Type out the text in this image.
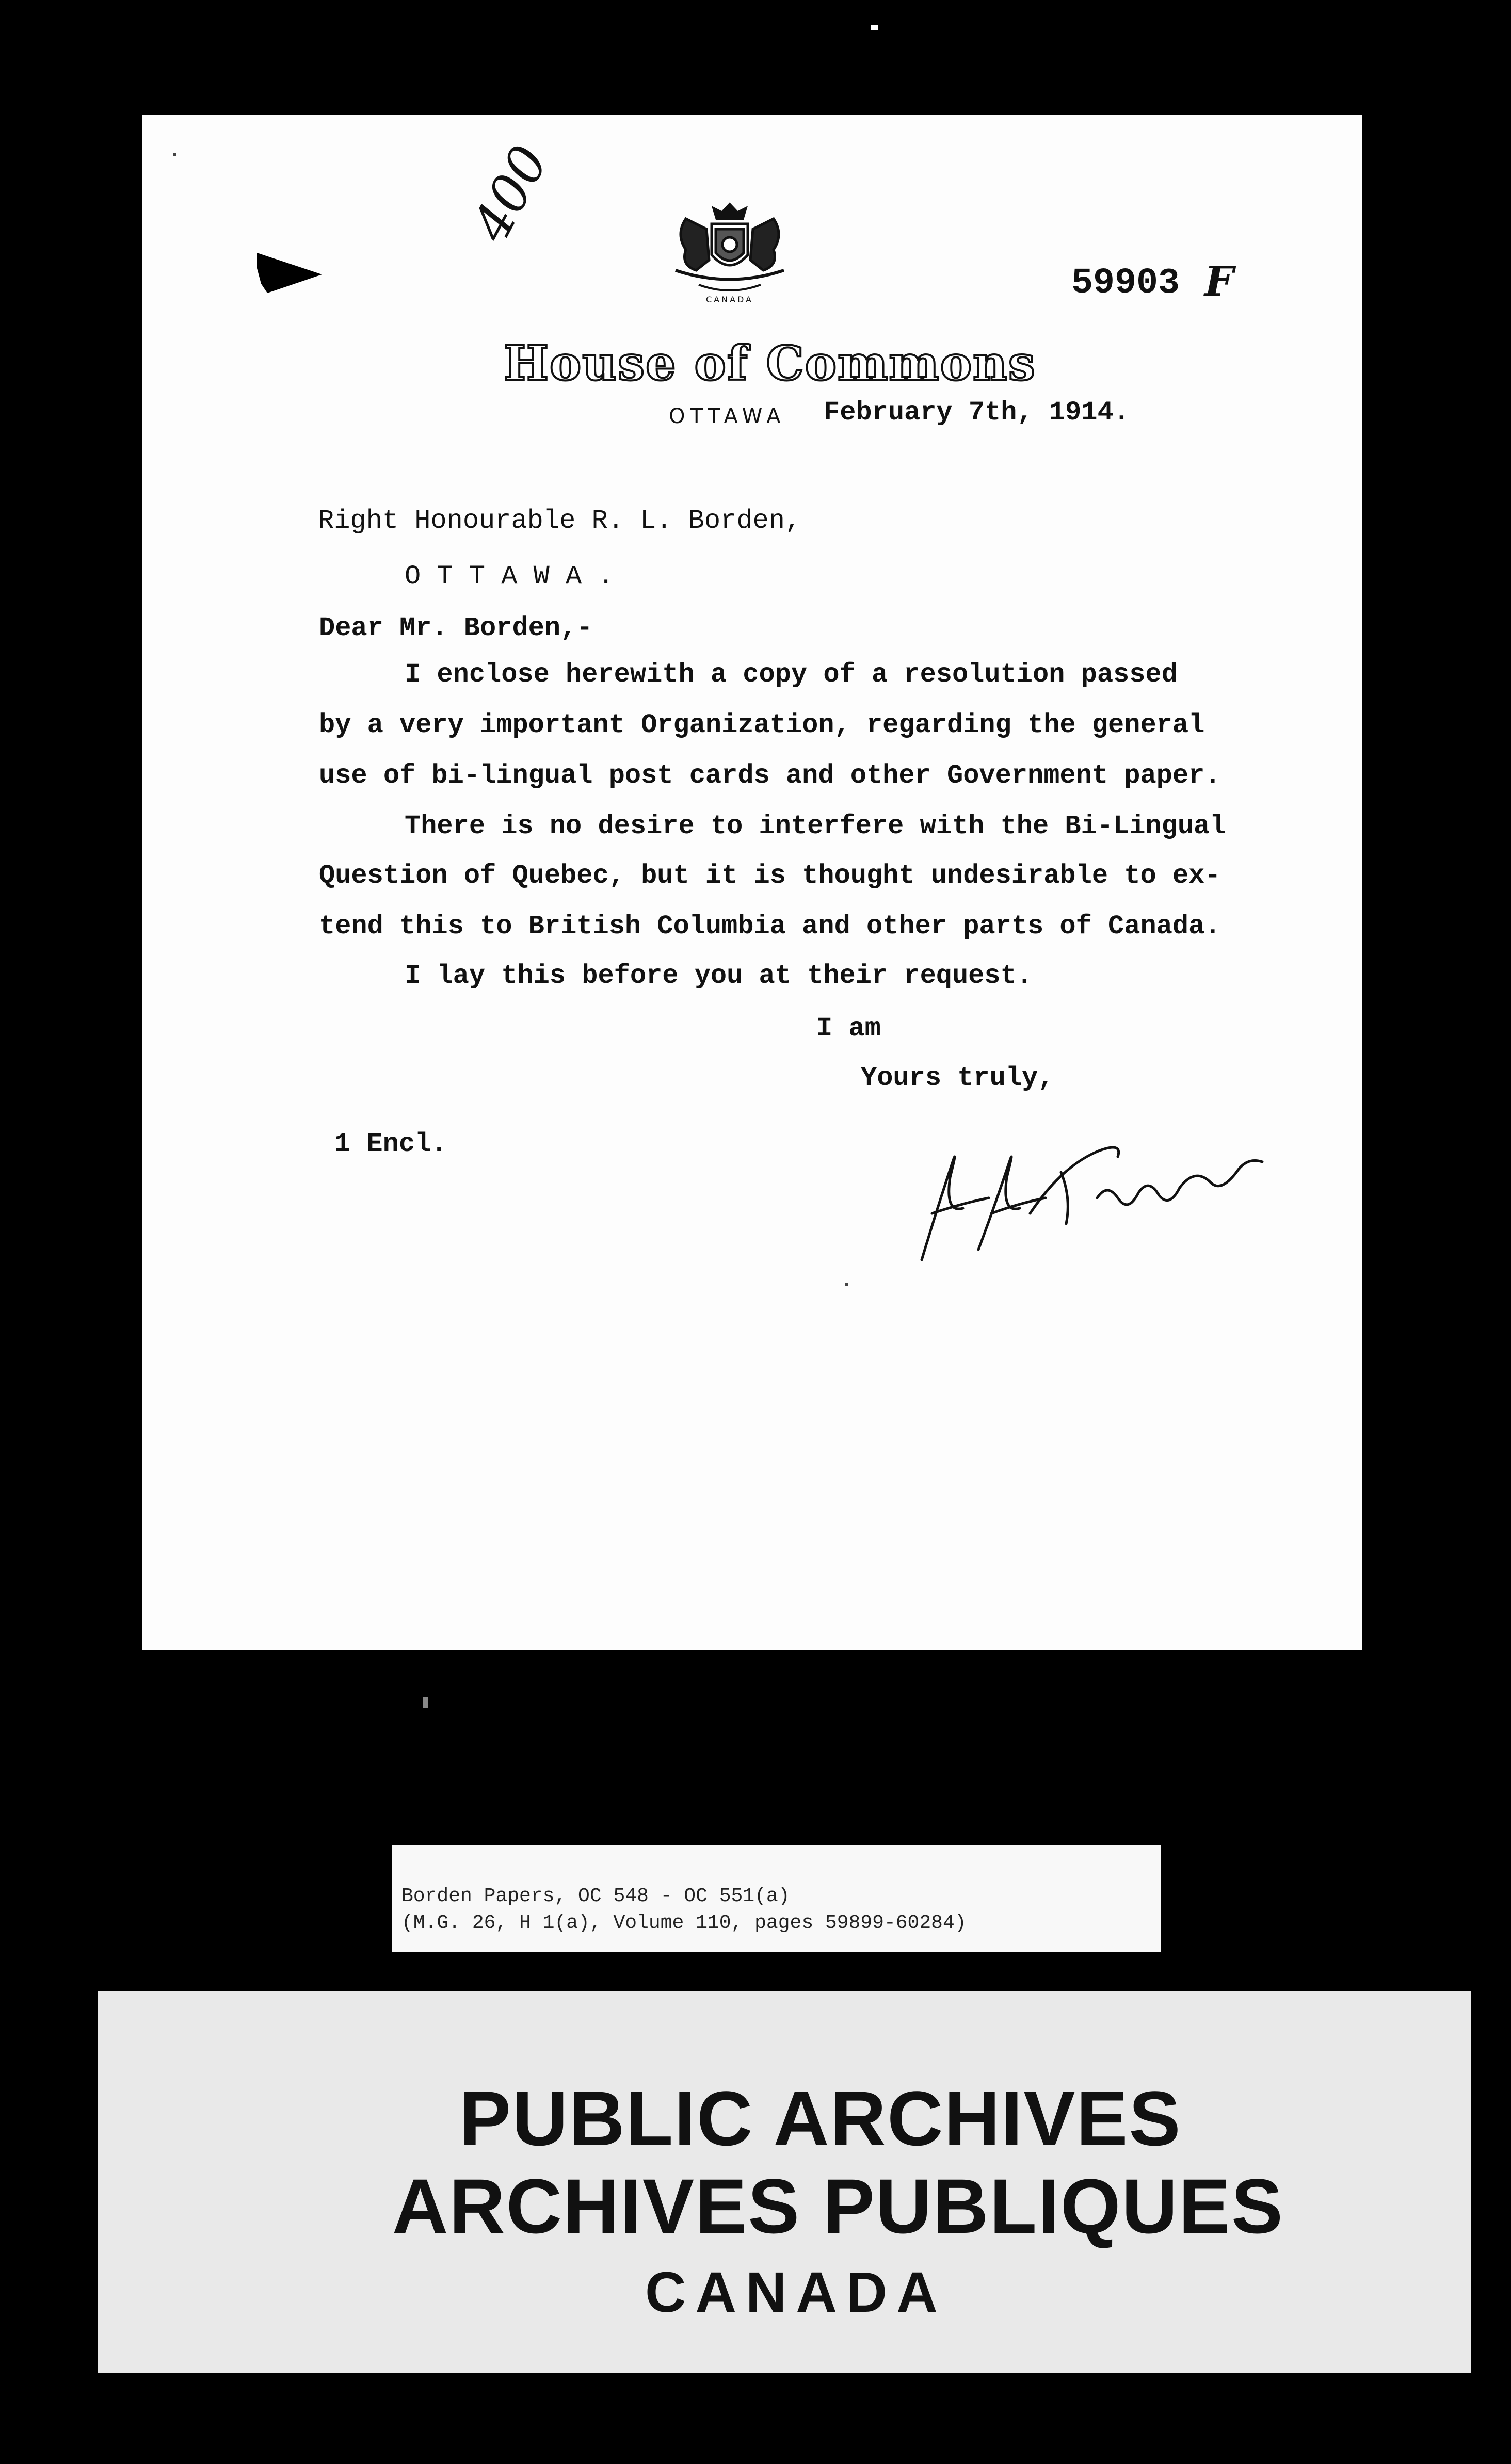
400
CANADA
House of Commons
OTTAWA February 7th, 1914.
59903 F
Right Honourable R. L. Borden,
O T T A W A .
Dear Mr. Borden,-
I enclose herewith a copy of a resolution passed
by a very important Organization, regarding the general
use of bi-lingual post cards and other Government paper.
There is no desire to interfere with the Bi-Lingual
Question of Quebec, but it is thought undesirable to ex-
tend this to British Columbia and other parts of Canada.
I lay this before you at their request.
I am
Yours truly,
1 Encl.
Borden Papers, OC 548 - OC 551(a)
(M.G. 26, H 1(a), Volume 110, pages 59899-60284)
PUBLIC ARCHIVES
ARCHIVES PUBLIQUES
CANADA
